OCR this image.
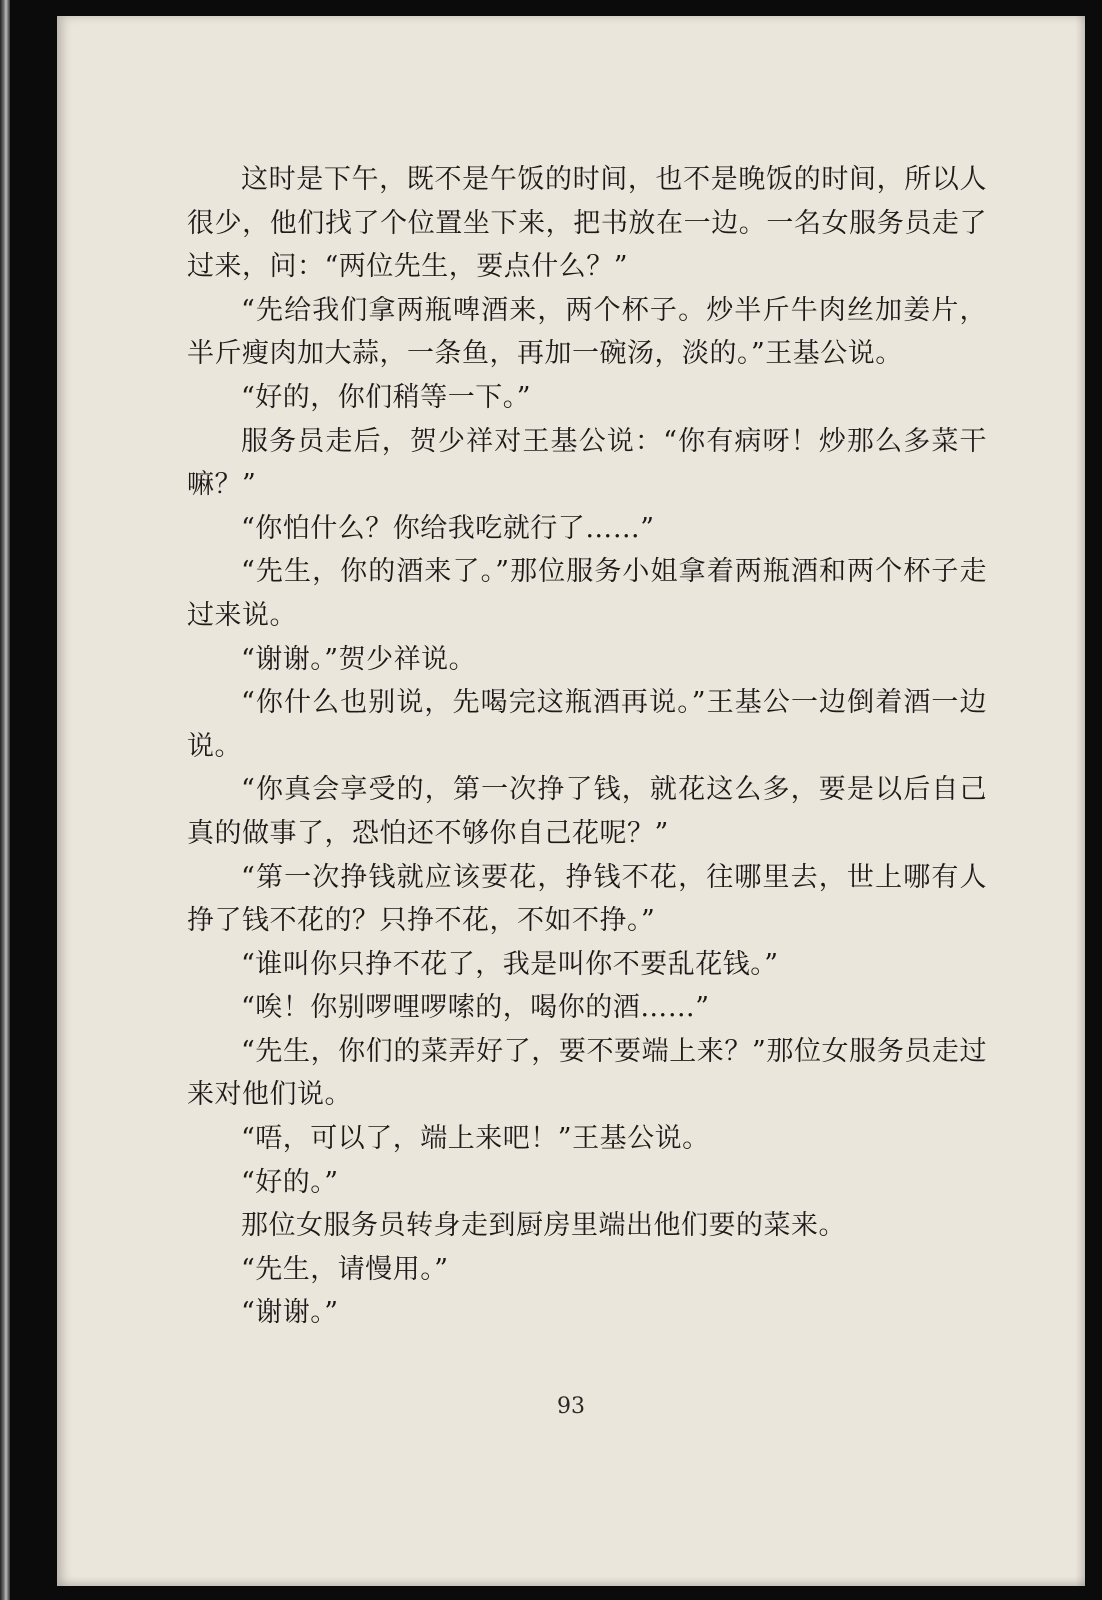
这时是下午，既不是午饭的时间，也不是晚饭的时间，所以人很少，他们找了个位置坐下来，把书放在一边。一名女服务员走了过来，问：“两位先生，要点什么？”

“先给我们拿两瓶啤酒来，两个杯子。炒半斤牛肉丝加姜片，半斤瘦肉加大蒜，一条鱼，再加一碗汤，淡的。”王基公说。

“好的，你们稍等一下。”

服务员走后，贺少祥对王基公说：“你有病呀！炒那么多菜干嘛？”

“你怕什么？你给我吃就行了……”

“先生，你的酒来了。”那位服务小姐拿着两瓶酒和两个杯子走过来说。

“谢谢。”贺少祥说。

“你什么也别说，先喝完这瓶酒再说。”王基公一边倒着酒一边说。

“你真会享受的，第一次挣了钱，就花这么多，要是以后自己真的做事了，恐怕还不够你自己花呢？”

“第一次挣钱就应该要花，挣钱不花，往哪里去，世上哪有人挣了钱不花的？只挣不花，不如不挣。”

“谁叫你只挣不花了，我是叫你不要乱花钱。”

“唉！你别啰哩啰嗦的，喝你的酒……”

“先生，你们的菜弄好了，要不要端上来？”那位女服务员走过来对他们说。

“唔，可以了，端上来吧！”王基公说。

“好的。”

那位女服务员转身走到厨房里端出他们要的菜来。

“先生，请慢用。”

“谢谢。”

93
